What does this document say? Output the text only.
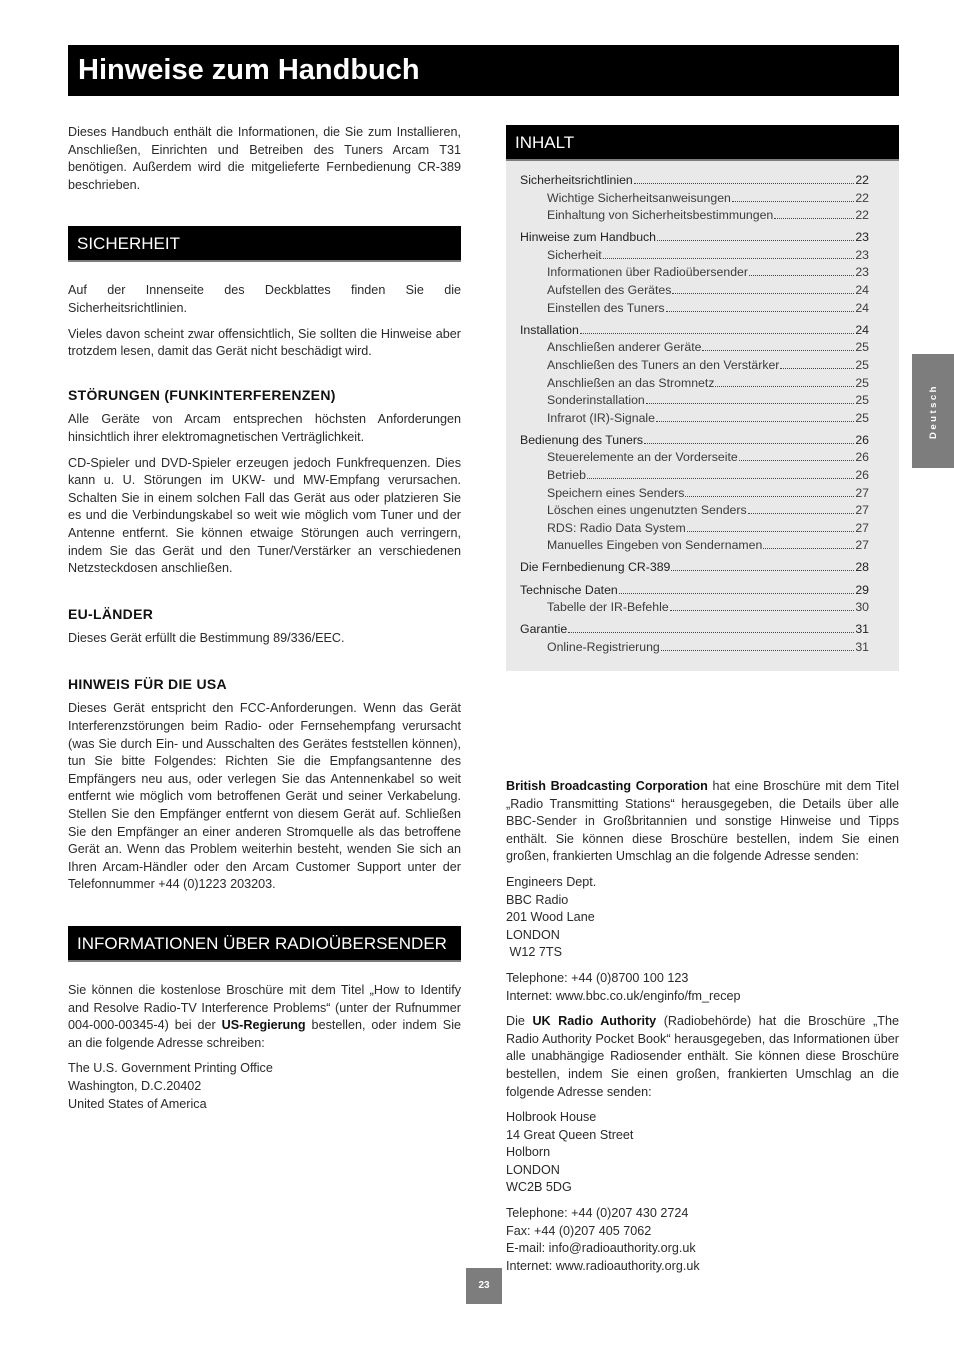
Hinweise zum Handbuch

Dieses Handbuch enthält die Informationen, die Sie zum Installieren, Anschließen, Einrichten und Betreiben des Tuners Arcam T31 benötigen. Außerdem wird die mitgelieferte Fernbedienung CR-389 beschrieben.

SICHERHEIT

Auf der Innenseite des Deckblattes finden Sie die Sicherheitsrichtlinien.

Vieles davon scheint zwar offensichtlich, Sie sollten die Hinweise aber trotzdem lesen, damit das Gerät nicht beschädigt wird.

STÖRUNGEN (FUNKINTERFERENZEN)

Alle Geräte von Arcam entsprechen höchsten Anforderungen hinsichtlich ihrer elektromagnetischen Verträglichkeit.

CD-Spieler und DVD-Spieler erzeugen jedoch Funkfrequenzen. Dies kann u. U. Störungen im UKW- und MW-Empfang verursachen. Schalten Sie in einem solchen Fall das Gerät aus oder platzieren Sie es und die Verbindungskabel so weit wie möglich vom Tuner und der Antenne entfernt. Sie können etwaige Störungen auch verringern, indem Sie das Gerät und den Tuner/Verstärker an verschiedenen Netzsteckdosen anschließen.

EU-LÄNDER

Dieses Gerät erfüllt die Bestimmung 89/336/EEC.

HINWEIS FÜR DIE USA

Dieses Gerät entspricht den FCC-Anforderungen. Wenn das Gerät Interferenzstörungen beim Radio- oder Fernsehempfang verursacht (was Sie durch Ein- und Ausschalten des Gerätes feststellen können), tun Sie bitte Folgendes: Richten Sie die Empfangsantenne des Empfängers neu aus, oder verlegen Sie das Antennenkabel so weit entfernt wie möglich vom betroffenen Gerät und seiner Verkabelung. Stellen Sie den Empfänger entfernt von diesem Gerät auf. Schließen Sie den Empfänger an einer anderen Stromquelle als das betroffene Gerät an. Wenn das Problem weiterhin besteht, wenden Sie sich an Ihren Arcam-Händler oder den Arcam Customer Support unter der Telefonnummer +44 (0)1223 203203.

INFORMATIONEN ÜBER RADIOÜBERSENDER

Sie können die kostenlose Broschüre mit dem Titel „How to Identify and Resolve Radio-TV Interference Problems“ (unter der Rufnummer 004-000-00345-4) bei der US-Regierung bestellen, oder indem Sie an die folgende Adresse schreiben:

The U.S. Government Printing Office
Washington, D.C.20402
United States of America

INHALT
Sicherheitsrichtlinien	22
Wichtige Sicherheitsanweisungen	22
Einhaltung von Sicherheitsbestimmungen	22
Hinweise zum Handbuch	23
Sicherheit	23
Informationen über Radioübersender	23
Aufstellen des Gerätes	24
Einstellen des Tuners	24
Installation	24
Anschließen anderer Geräte	25
Anschließen des Tuners an den Verstärker	25
Anschließen an das Stromnetz	25
Sonderinstallation	25
Infrarot (IR)-Signale	25
Bedienung des Tuners	26
Steuerelemente an der Vorderseite	26
Betrieb	26
Speichern eines Senders	27
Löschen eines ungenutzten Senders	27
RDS: Radio Data System	27
Manuelles Eingeben von Sendernamen	27
Die Fernbedienung CR-389	28
Technische Daten	29
Tabelle der IR-Befehle	30
Garantie	31
Online-Registrierung	31

British Broadcasting Corporation hat eine Broschüre mit dem Titel „Radio Transmitting Stations“ herausgegeben, die Details über alle BBC-Sender in Großbritannien und sonstige Hinweise und Tipps enthält. Sie können diese Broschüre bestellen, indem Sie einen großen, frankierten Umschlag an die folgende Adresse senden:

Engineers Dept.
BBC Radio
201 Wood Lane
LONDON
W12 7TS

Telephone: +44 (0)8700 100 123
Internet: www.bbc.co.uk/enginfo/fm_recep

Die UK Radio Authority (Radiobehörde) hat die Broschüre „The Radio Authority Pocket Book“ herausgegeben, das Informationen über alle unabhängige Radiosender enthält. Sie können diese Broschüre bestellen, indem Sie einen großen, frankierten Umschlag an die folgende Adresse senden:

Holbrook House
14 Great Queen Street
Holborn
LONDON
WC2B 5DG

Telephone: +44 (0)207 430 2724
Fax: +44 (0)207 405 7062
E-mail: info@radioauthority.org.uk
Internet: www.radioauthority.org.uk

Deutsch
23
